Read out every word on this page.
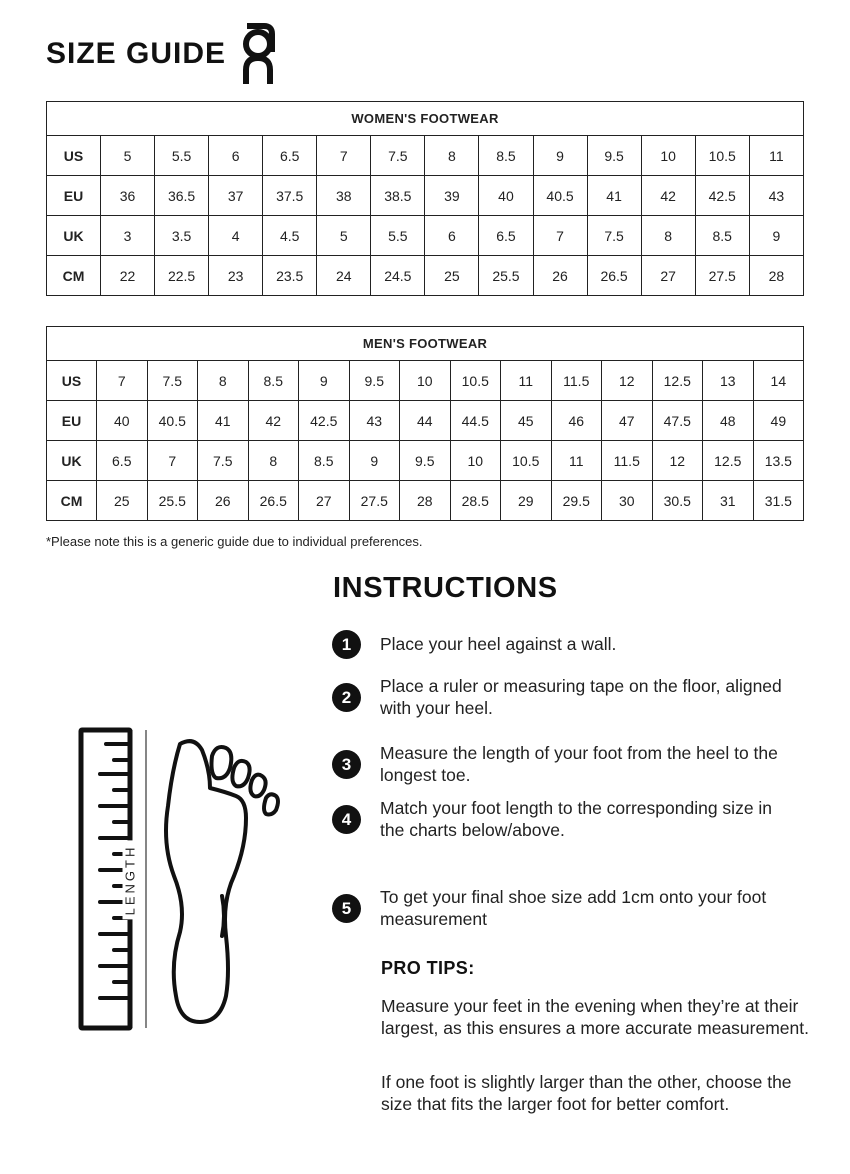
SIZE GUIDE
WOMEN'S FOOTWEAR													
US	5	5.5	6	6.5	7	7.5	8	8.5	9	9.5	10	10.5	11
EU	36	36.5	37	37.5	38	38.5	39	40	40.5	41	42	42.5	43
UK	3	3.5	4	4.5	5	5.5	6	6.5	7	7.5	8	8.5	9
CM	22	22.5	23	23.5	24	24.5	25	25.5	26	26.5	27	27.5	28
MEN'S FOOTWEAR														
US	7	7.5	8	8.5	9	9.5	10	10.5	11	11.5	12	12.5	13	14
EU	40	40.5	41	42	42.5	43	44	44.5	45	46	47	47.5	48	49
UK	6.5	7	7.5	8	8.5	9	9.5	10	10.5	11	11.5	12	12.5	13.5
CM	25	25.5	26	26.5	27	27.5	28	28.5	29	29.5	30	30.5	31	31.5

*Please note this is a generic guide due to individual preferences.

LENGTH
INSTRUCTIONS
1	Place your heel against a wall.
2
Place a ruler or measuring tape on the floor, aligned with your heel.
3
Measure the length of your foot from the heel to the longest toe.
4
Match your foot length to the corresponding size in the charts below/above.
5
To get your final shoe size add 1cm onto your foot measurement
PRO TIPS:

Measure your feet in the evening when they’re at their largest, as this ensures a more accurate measurement.

If one foot is slightly larger than the other, choose the size that fits the larger foot for better comfort.
